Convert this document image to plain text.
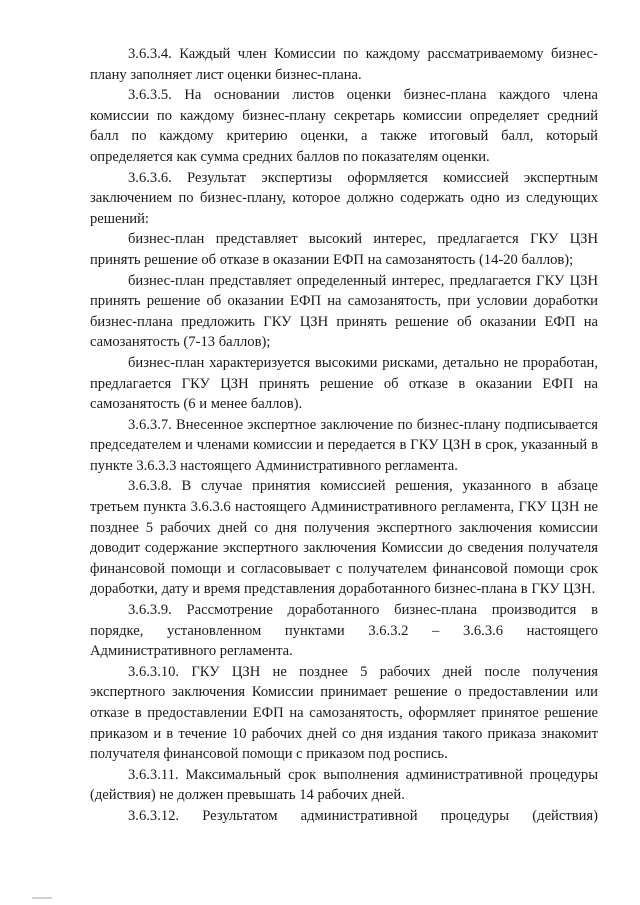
3.6.3.4. Каждый член Комиссии по каждому рассматриваемому бизнес-плану заполняет лист оценки бизнес-плана.

3.6.3.5. На основании листов оценки бизнес-плана каждого члена комиссии по каждому бизнес-плану секретарь комиссии определяет средний балл по каждому критерию оценки, а также итоговый балл, который определяется как сумма средних баллов по показателям оценки.

3.6.3.6. Результат экспертизы оформляется комиссией экспертным заключением по бизнес-плану, которое должно содержать одно из следующих решений:

бизнес-план представляет высокий интерес, предлагается ГКУ ЦЗН принять решение об отказе в оказании ЕФП на самозанятость (14-20 баллов);

бизнес-план представляет определенный интерес, предлагается ГКУ ЦЗН принять решение об оказании ЕФП на самозанятость, при условии доработки бизнес-плана предложить ГКУ ЦЗН принять решение об оказании ЕФП на самозанятость (7-13 баллов);

бизнес-план характеризуется высокими рисками, детально не проработан, предлагается ГКУ ЦЗН принять решение об отказе в оказании ЕФП на самозанятость (6 и менее баллов).

3.6.3.7. Внесенное экспертное заключение по бизнес-плану подписывается председателем и членами комиссии и передается в ГКУ ЦЗН в срок, указанный в пункте 3.6.3.3 настоящего Административного регламента.

3.6.3.8. В случае принятия комиссией решения, указанного в абзаце третьем пункта 3.6.3.6 настоящего Административного регламента, ГКУ ЦЗН не позднее 5 рабочих дней со дня получения экспертного заключения комиссии доводит содержание экспертного заключения Комиссии до сведения получателя финансовой помощи и согласовывает с получателем финансовой помощи срок доработки, дату и время представления доработанного бизнес-плана в ГКУ ЦЗН.

3.6.3.9. Рассмотрение доработанного бизнес-плана производится в порядке, установленном пунктами 3.6.3.2 – 3.6.3.6 настоящего Административного регламента.

3.6.3.10. ГКУ ЦЗН не позднее 5 рабочих дней после получения экспертного заключения Комиссии принимает решение о предоставлении или отказе в предоставлении ЕФП на самозанятость, оформляет принятое решение приказом и в течение 10 рабочих дней со дня издания такого приказа знакомит получателя финансовой помощи с приказом под роспись.

3.6.3.11. Максимальный срок выполнения административной процедуры (действия) не должен превышать 14 рабочих дней.

3.6.3.12. Результатом административной процедуры (действия)
